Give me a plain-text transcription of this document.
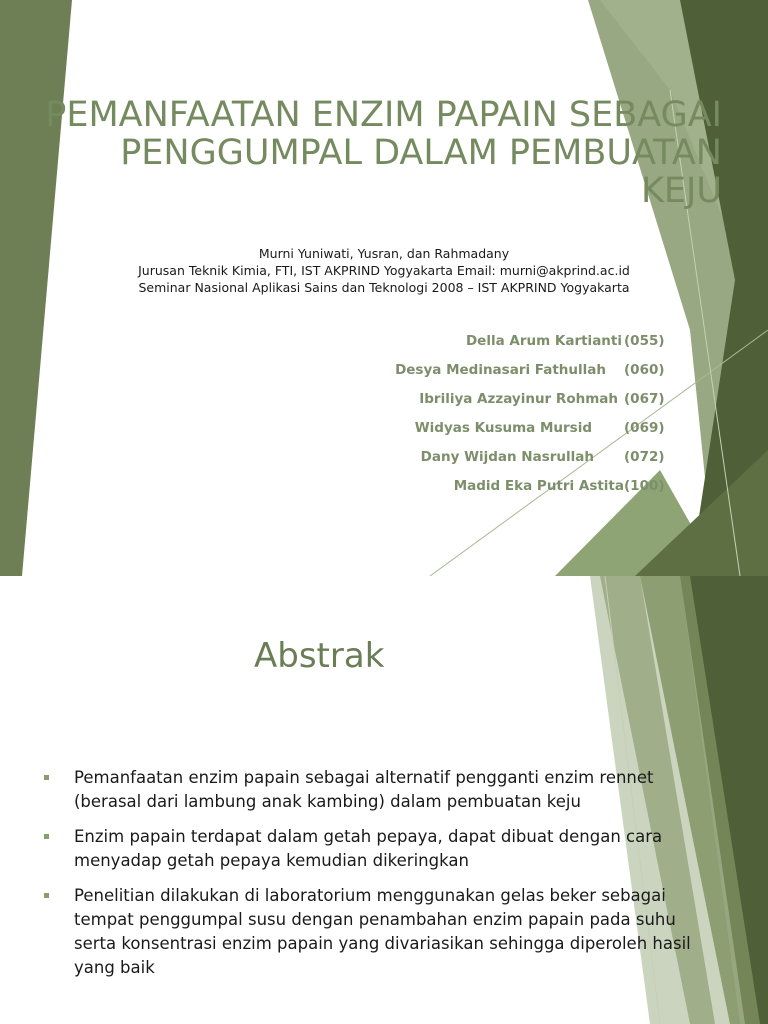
PEMANFAATAN ENZIM PAPAIN SEBAGAI
PENGGUMPAL DALAM PEMBUATAN
KEJU
Murni Yuniwati, Yusran, dan Rahmadany
Jurusan Teknik Kimia, FTI, IST AKPRIND Yogyakarta Email: murni@akprind.ac.id
Seminar Nasional Aplikasi Sains dan Teknologi 2008 – IST AKPRIND Yogyakarta
Della Arum Kartianti (055)
Desya Medinasari Fathullah (060)
Ibriliya Azzayinur Rohmah (067)
Widyas Kusuma Mursid (069)
Dany Wijdan Nasrullah (072)
Madid Eka Putri Astita (100)
Abstrak
Pemanfaatan enzim papain sebagai alternatif pengganti enzim rennet (berasal dari lambung anak kambing) dalam pembuatan keju
Enzim papain terdapat dalam getah pepaya, dapat dibuat dengan cara menyadap getah pepaya kemudian dikeringkan
Penelitian dilakukan di laboratorium menggunakan gelas beker sebagai tempat penggumpal susu dengan penambahan enzim papain pada suhu serta konsentrasi enzim papain yang divariasikan sehingga diperoleh hasil yang baik
